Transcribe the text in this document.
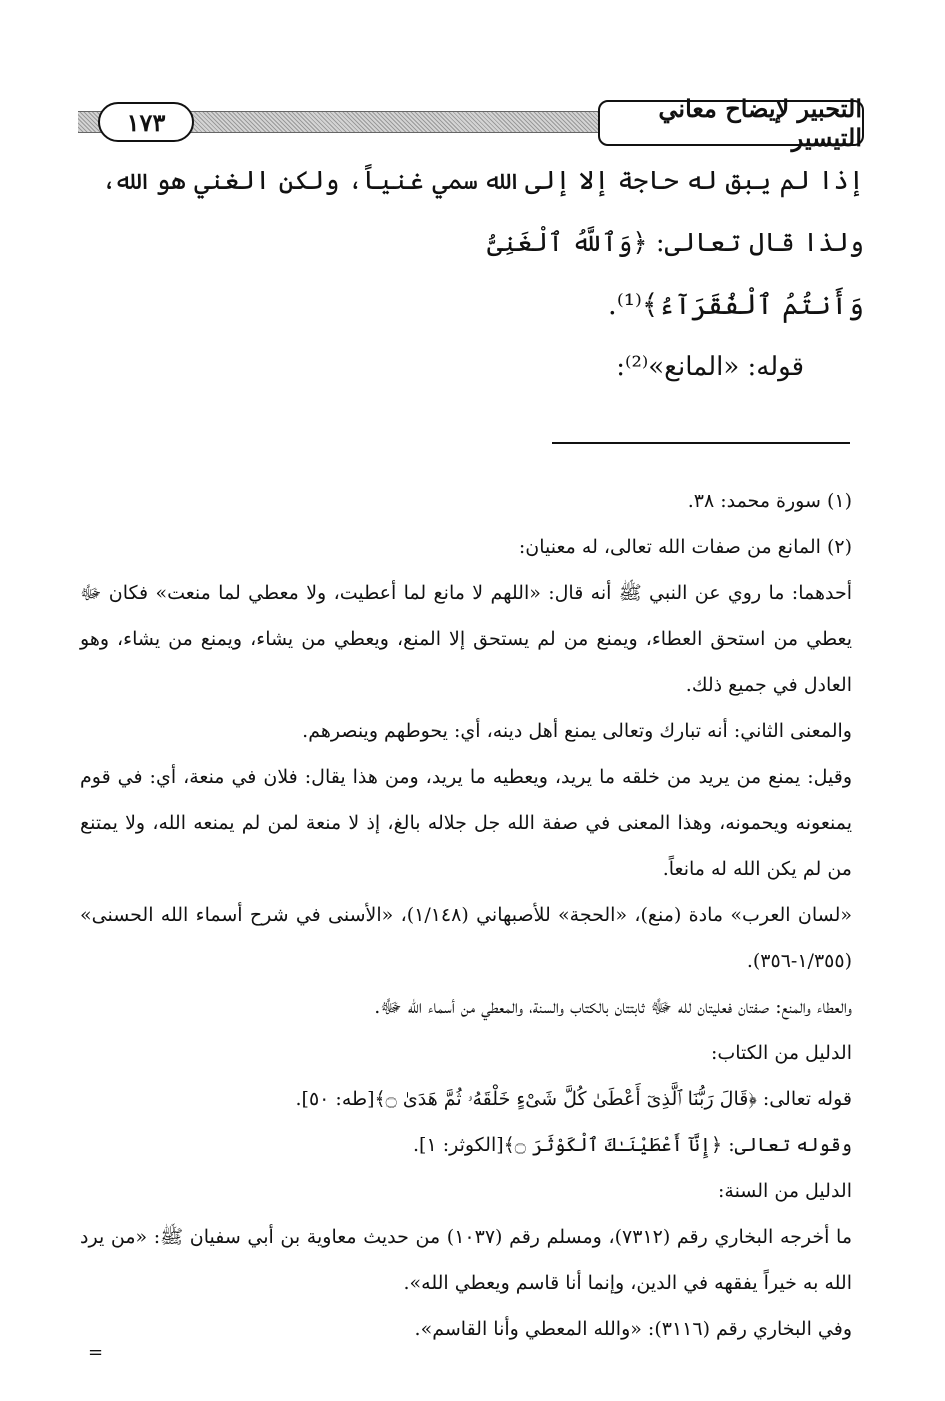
التحبير لإيضاح معاني التيسير
١٧٣

إذا لم يبق له حاجة إلا إلى الله سمي غنياً، ولكن الغني هو الله، ولذا قال تعالى: ﴿وَٱللَّهُ ٱلْغَنِىُّ

وَأَنتُمُ ٱلْفُقَرَآءُ﴾⁽¹⁾.

قوله: «المانع»⁽²⁾:

(١) سورة محمد: ٣٨.

(٢) المانع من صفات الله تعالى، له معنيان:

أحدهما: ما روي عن النبي ﷺ أنه قال: «اللهم لا مانع لما أعطيت، ولا معطي لما منعت» فكان ﷻ يعطي من استحق العطاء، ويمنع من لم يستحق إلا المنع، ويعطي من يشاء، ويمنع من يشاء، وهو العادل في جميع ذلك.

والمعنى الثاني: أنه تبارك وتعالى يمنع أهل دينه، أي: يحوطهم وينصرهم.

وقيل: يمنع من يريد من خلقه ما يريد، ويعطيه ما يريد، ومن هذا يقال: فلان في منعة، أي: في قوم يمنعونه ويحمونه، وهذا المعنى في صفة الله جل جلاله بالغ، إذ لا منعة لمن لم يمنعه الله، ولا يمتنع من لم يكن الله له مانعاً.

«لسان العرب» مادة (منع)، «الحجة» للأصبهاني (١/١٤٨)، «الأسنى في شرح أسماء الله الحسنى» (١/٣٥٥-٣٥٦).

والعطاء والمنع: صفتان فعليتان لله ﷻ ثابتتان بالكتاب والسنة، والمعطي من أسماء الله ﷻ.

الدليل من الكتاب:

قوله تعالى: ﴿قَالَ رَبُّنَا ٱلَّذِىٓ أَعْطَىٰ كُلَّ شَىْءٍ خَلْقَهُۥ ثُمَّ هَدَىٰ ۝﴾[طه: ٥٠].

وقوله تعالى: ﴿إِنَّآ أَعْطَيْنَـٰكَ ٱلْكَوْثَرَ ۝﴾[الكوثر: ١].

الدليل من السنة:

ما أخرجه البخاري رقم (٧٣١٢)، ومسلم رقم (١٠٣٧) من حديث معاوية بن أبي سفيان ﷺ: «من يرد الله به خيراً يفقهه في الدين، وإنما أنا قاسم ويعطي الله».

وفي البخاري رقم (٣١١٦): «والله المعطي وأنا القاسم».

=
